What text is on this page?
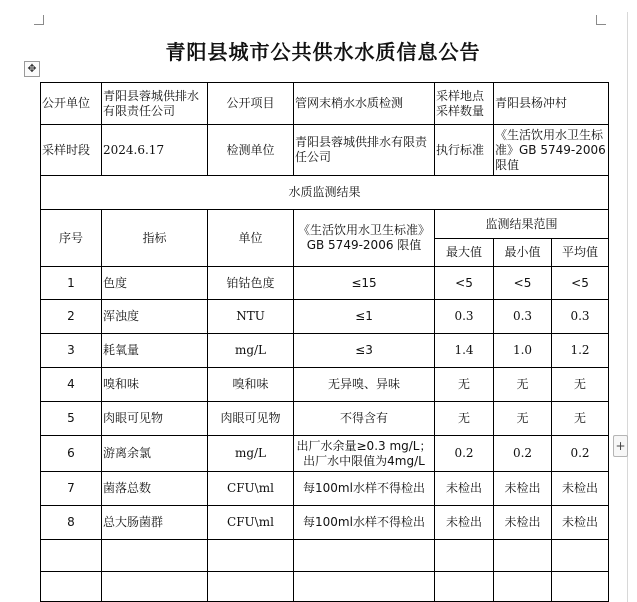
青阳县城市公共供水水质信息公告
✥
+
公开单位	青阳县蓉城供排水有限责任公司	公开项目	管网末梢水水质检测	采样地点采样数量	青阳县杨冲村	
采样时段	2024.6.17	检测单位	青阳县蓉城供排水有限责任公司	执行标准	《生活饮用水卫生标准》GB 5749-2006 限值	
水质监测结果						
序号	指标	单位	《生活饮用水卫生标准》GB 5749-2006 限值	监测结果范围		
				最大值	最小值	平均值
1	色度	铂钴色度	≤15	<5	<5	<5
2	浑浊度	NTU	≤1	0.3	0.3	0.3
3	耗氧量	mg/L	≤3	1.4	1.0	1.2
4	嗅和味	嗅和味	无异嗅、异味	无	无	无
5	肉眼可见物	肉眼可见物	不得含有	无	无	无
6	游离余氯	mg/L	出厂水余量≥0.3 mg/L；出厂水中限值为4mg/L	0.2	0.2	0.2
7	菌落总数	CFU\ml	每100ml水样不得检出	未检出	未检出	未检出
8	总大肠菌群	CFU\ml	每100ml水样不得检出	未检出	未检出	未检出
